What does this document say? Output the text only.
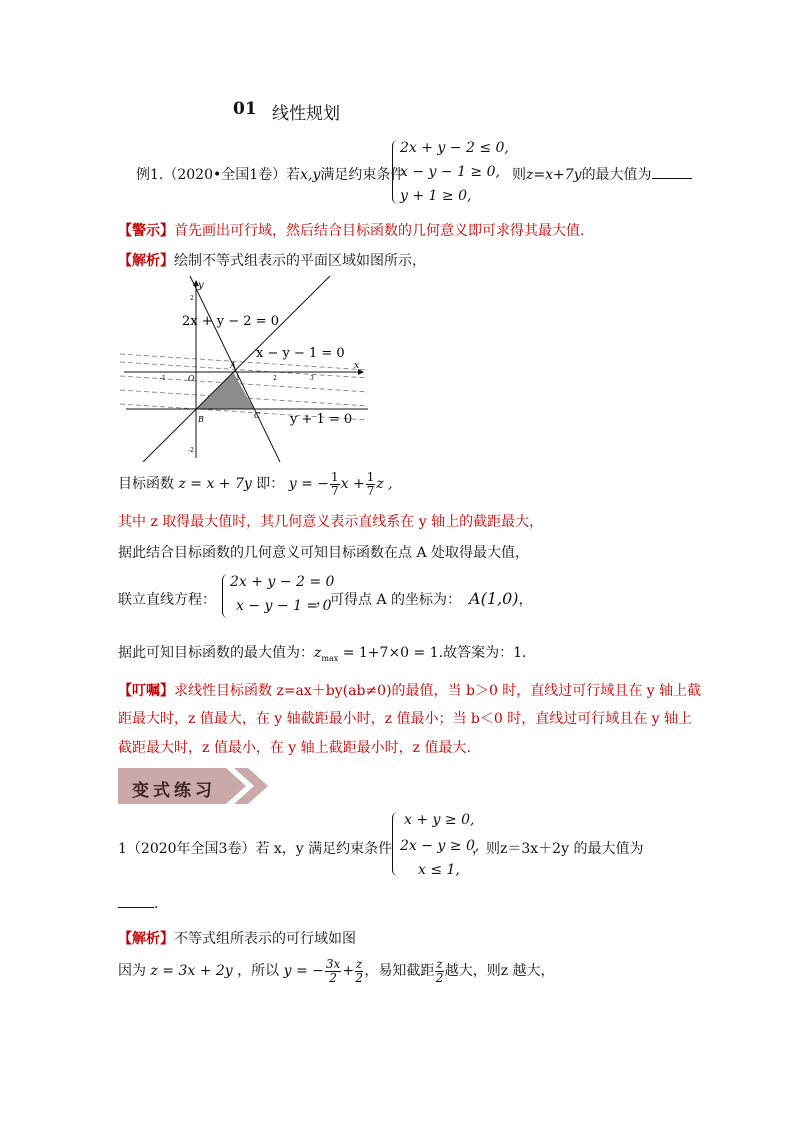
01 线性规划
例1.（2020•全国1卷）若x,y满足约束条件
2x + y − 2 ≤ 0,
x − y − 1 ≥ 0,
y + 1 ≥ 0,
则z=x+7y的最大值为
【警示】首先画出可行域，然后结合目标函数的几何意义即可求得其最大值.
【解析】绘制不等式组表示的平面区域如图所示，
2x + y − 2 = 0
x − y − 1 = 0
y + 1 = 0
y
x
A
O
B	C
-1	1	2	3
2
-2
目标函数 z = x + 7y 即： y = − $\frac{1}{7}$ $x + \frac{1}{7}$ z ,
其中 z 取得最大值时，其几何意义表示直线系在 y 轴上的截距最大，
据此结合目标函数的几何意义可知目标函数在点 A 处取得最大值，
联立直线方程：
2x + y − 2 = 0
x − y − 1 = 0
，可得点 A 的坐标为： A(1,0)，
据此可知目标函数的最大值为：$z_{max} = 1+7\times 0 = 1$.故答案为：1.
【叮嘱】求线性目标函数 z=ax＋by(ab≠0)的最值，当 b＞0 时，直线过可行域且在 y 轴上截
距最大时，z 值最大，在 y 轴截距最小时，z 值最小；当 b＜0 时，直线过可行域且在 y 轴上
截距最大时，z 值最小，在 y 轴上截距最小时，z 值最大.
变式练习
1（2020年全国3卷）若 x，y 满足约束条件
x + y ≥ 0,
2x − y ≥ 0,
x ≤ 1,
，则z＝3x＋2y 的最大值为
.
【解析】不等式组所表示的可行域如图
因为 z = 3x + 2y ，所以 y = − $\frac{3x}{2} + \frac{z}{2}$ ，易知截距 $\frac{z}{2}$ 越大，则z 越大，
